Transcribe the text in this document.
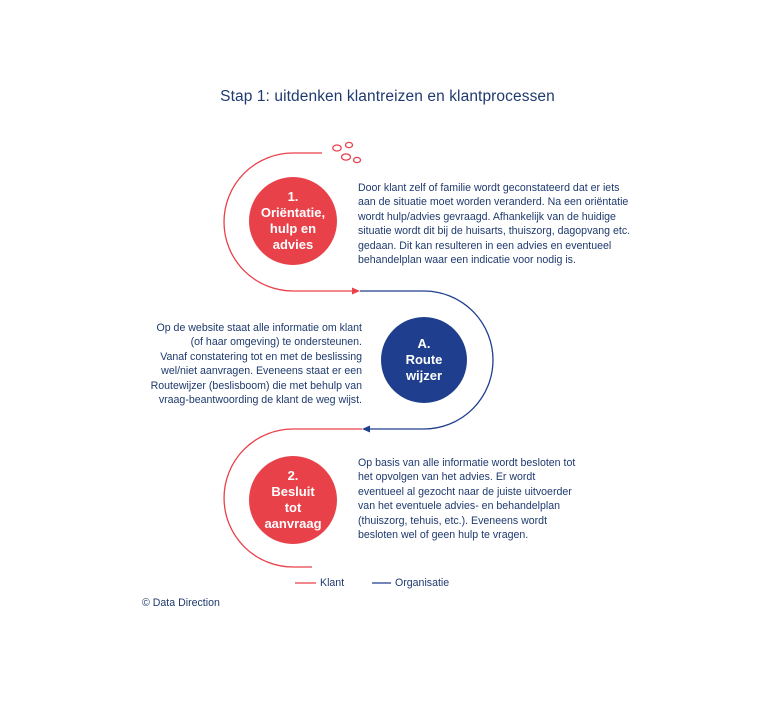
Stap 1: uitdenken klantreizen en klantprocessen
1.
Oriëntatie,
hulp en
advies
A.
Route
wijzer
2.
Besluit
tot
aanvraag
Door klant zelf of familie wordt geconstateerd dat er iets
aan de situatie moet worden veranderd. Na een oriëntatie
wordt hulp/advies gevraagd. Afhankelijk van de huidige
situatie wordt dit bij de huisarts, thuiszorg, dagopvang etc.
gedaan. Dit kan resulteren in een advies en eventueel
behandelplan waar een indicatie voor nodig is.
Op de website staat alle informatie om klant
(of haar omgeving) te ondersteunen.
Vanaf constatering tot en met de beslissing
wel/niet aanvragen. Eveneens staat er een
Routewijzer (beslisboom) die met behulp van
vraag-beantwoording de klant de weg wijst.
Op basis van alle informatie wordt besloten tot
het opvolgen van het advies. Er wordt
eventueel al gezocht naar de juiste uitvoerder
van het eventuele advies- en behandelplan
(thuiszorg, tehuis, etc.). Eveneens wordt
besloten wel of geen hulp te vragen.
Klant	Organisatie
© Data Direction
